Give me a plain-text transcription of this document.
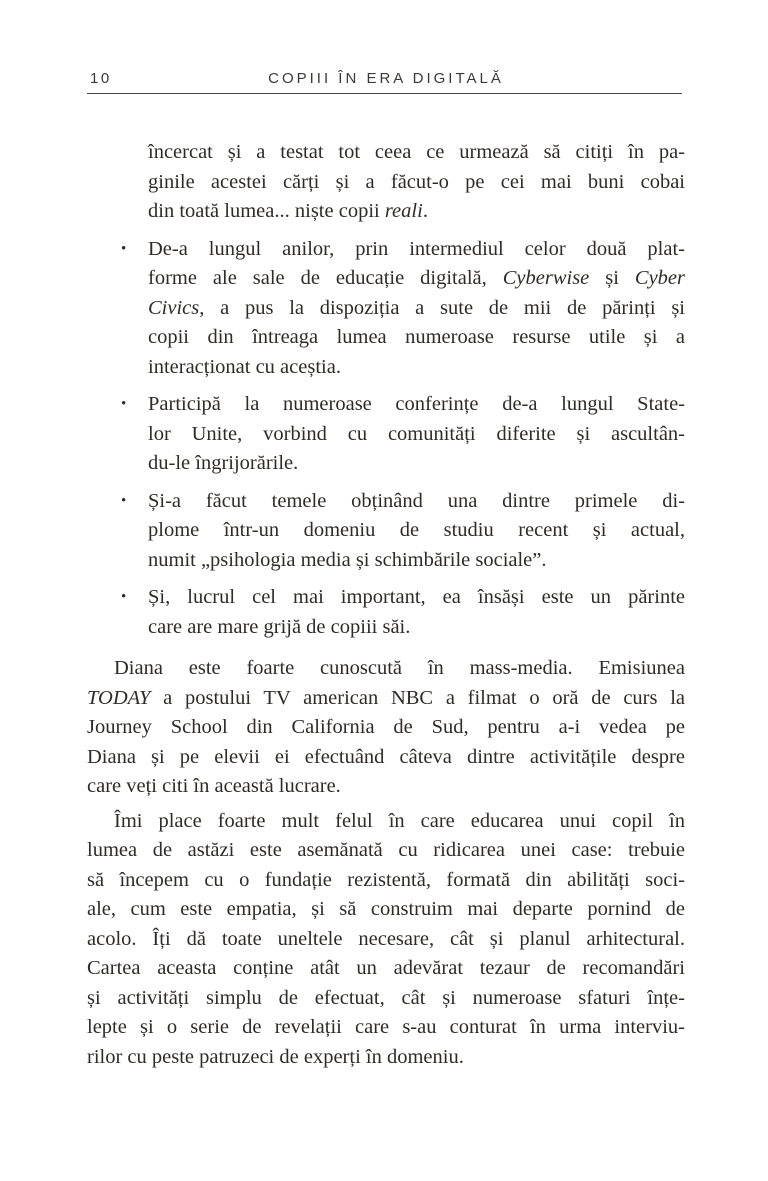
10	COPIII ÎN ERA DIGITALĂ
încercat și a testat tot ceea ce urmează să citiți în pa-
ginile acestei cărți și a făcut-o pe cei mai buni cobai
din toată lumea... niște copii reali.
• De-a lungul anilor, prin intermediul celor două plat-
forme ale sale de educație digitală, Cyberwise și Cyber
Civics, a pus la dispoziția a sute de mii de părinți și
copii din întreaga lumea numeroase resurse utile și a
interacționat cu aceștia.
• Participă la numeroase conferințe de-a lungul State-
lor Unite, vorbind cu comunități diferite și ascultân-
du-le îngrijorările.
• Și-a făcut temele obținând una dintre primele di-
plome într-un domeniu de studiu recent și actual,
numit „psihologia media și schimbările sociale”.
• Și, lucrul cel mai important, ea însăși este un părinte
care are mare grijă de copiii săi.
Diana este foarte cunoscută în mass-media. Emisiunea
TODAY a postului TV american NBC a filmat o oră de curs la
Journey School din California de Sud, pentru a-i vedea pe
Diana și pe elevii ei efectuând câteva dintre activitățile despre
care veți citi în această lucrare.
Îmi place foarte mult felul în care educarea unui copil în
lumea de astăzi este asemănată cu ridicarea unei case: trebuie
să începem cu o fundație rezistentă, formată din abilități soci-
ale, cum este empatia, și să construim mai departe pornind de
acolo. Îți dă toate uneltele necesare, cât și planul arhitectural.
Cartea aceasta conține atât un adevărat tezaur de recomandări
și activități simplu de efectuat, cât și numeroase sfaturi înțe-
lepte și o serie de revelații care s-au conturat în urma interviu-
rilor cu peste patruzeci de experți în domeniu.
